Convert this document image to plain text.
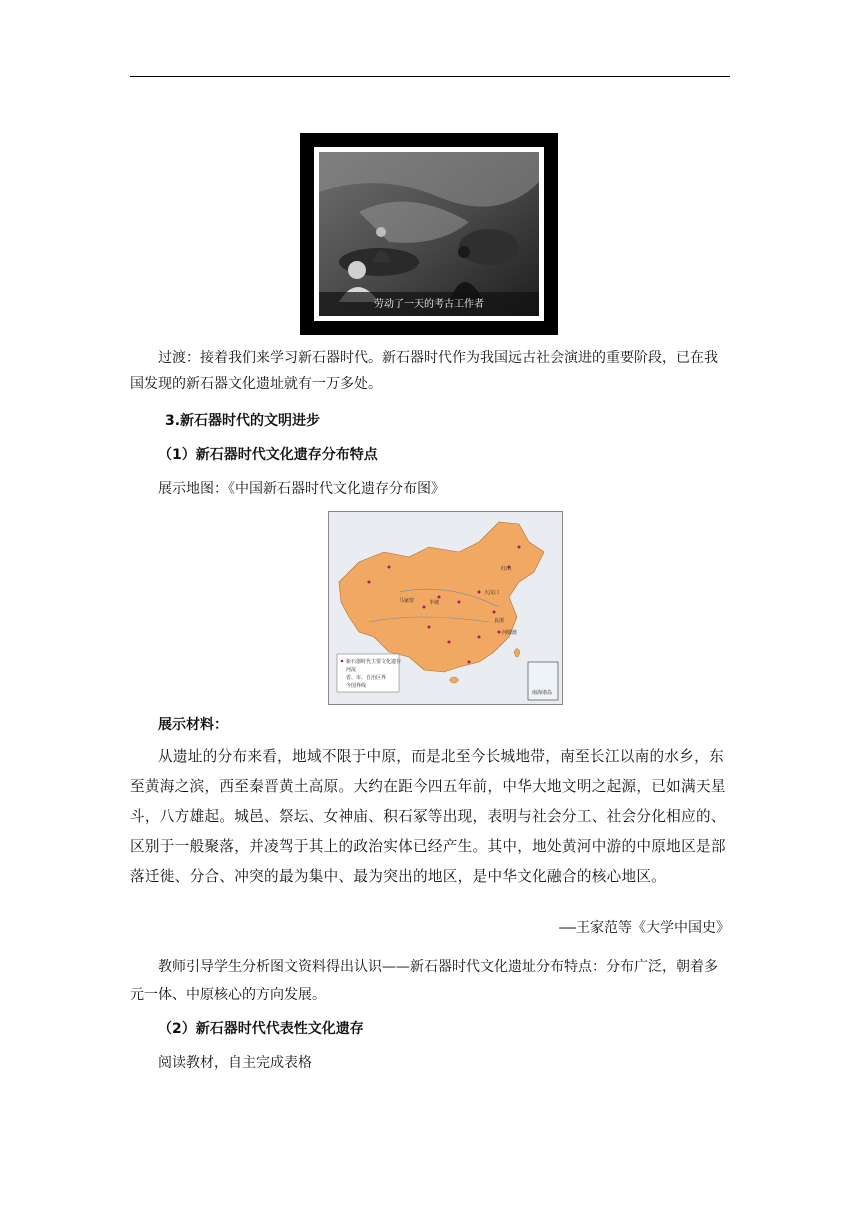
劳动了一天的考古工作者

过渡：接着我们来学习新石器时代。新石器时代作为我国远古社会演进的重要阶段，已在我国发现的新石器文化遗址就有一万多处。

3.新石器时代的文明进步

（1）新石器时代文化遗存分布特点

展示地图：《中国新石器时代文化遗存分布图》

红山
半坡
大汶口
河姆渡
良渚
马家窑
新石器时代主要文化遗存
河流
省、市、自治区界
今国界线
南海诸岛

展示材料：

从遗址的分布来看，地域不限于中原，而是北至今长城地带，南至长江以南的水乡，东至黄海之滨，西至秦晋黄土高原。大约在距今四五年前，中华大地文明之起源，已如满天星斗，八方雄起。城邑、祭坛、女神庙、积石冢等出现，表明与社会分工、社会分化相应的、区别于一般聚落，并凌驾于其上的政治实体已经产生。其中，地处黄河中游的中原地区是部落迁徙、分合、冲突的最为集中、最为突出的地区，是中华文化融合的核心地区。

——王家范等《大学中国史》

教师引导学生分析图文资料得出认识——新石器时代文化遗址分布特点：分布广泛，朝着多元一体、中原核心的方向发展。

（2）新石器时代代表性文化遗存

阅读教材，自主完成表格
